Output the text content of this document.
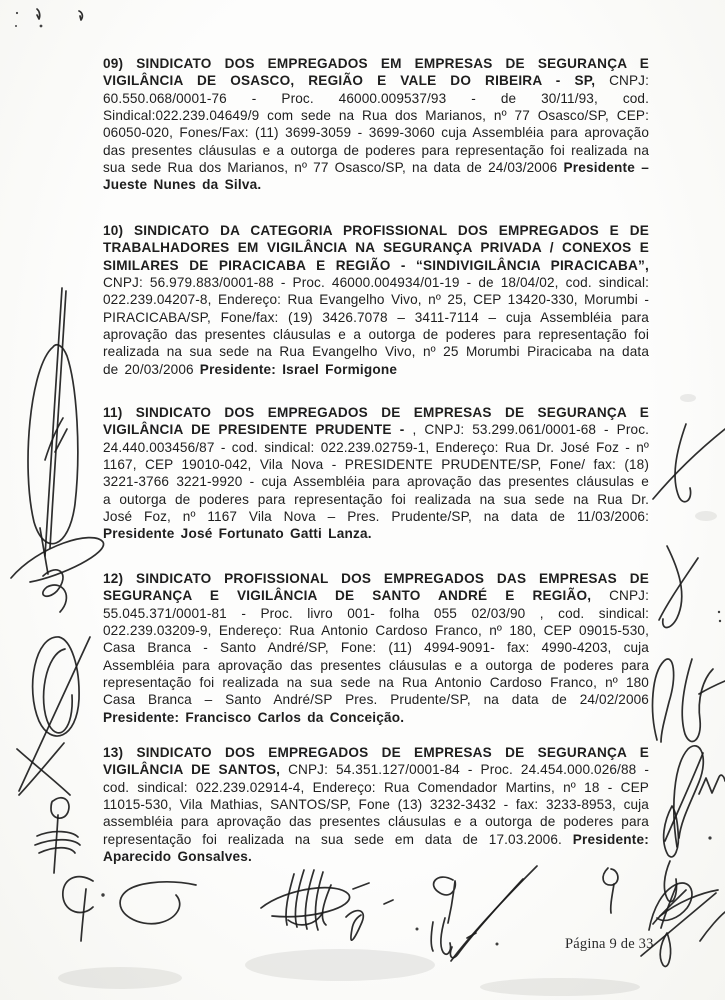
09) SINDICATO DOS EMPREGADOS EM EMPRESAS DE SEGURANÇA E VIGILÂNCIA DE OSASCO, REGIÃO E VALE DO RIBEIRA - SP, CNPJ: 60.550.068/0001-76 - Proc. 46000.009537/93 - de 30/11/93, cod. Sindical:022.239.04649/9 com sede na Rua dos Marianos, nº 77 Osasco/SP, CEP: 06050-020, Fones/Fax: (11) 3699-3059 - 3699-3060 cuja Assembléia para aprovação das presentes cláusulas e a outorga de poderes para representação foi realizada na sua sede Rua dos Marianos, nº 77 Osasco/SP, na data de 24/03/2006 Presidente – Jueste Nunes da Silva.

10) SINDICATO DA CATEGORIA PROFISSIONAL DOS EMPREGADOS E DE TRABALHADORES EM VIGILÂNCIA NA SEGURANÇA PRIVADA / CONEXOS E SIMILARES DE PIRACICABA E REGIÃO - “SINDIVIGILÂNCIA PIRACICABA”, CNPJ: 56.979.883/0001-88 - Proc. 46000.004934/01-19 - de 18/04/02, cod. sindical: 022.239.04207-8, Endereço: Rua Evangelho Vivo, nº 25, CEP 13420-330, Morumbi - PIRACICABA/SP, Fone/fax: (19) 3426.7078 – 3411-7114 – cuja Assembléia para aprovação das presentes cláusulas e a outorga de poderes para representação foi realizada na sua sede na Rua Evangelho Vivo, nº 25 Morumbi Piracicaba na data de 20/03/2006 Presidente: Israel Formigone

11) SINDICATO DOS EMPREGADOS DE EMPRESAS DE SEGURANÇA E VIGILÂNCIA DE PRESIDENTE PRUDENTE - , CNPJ: 53.299.061/0001-68 - Proc. 24.440.003456/87 - cod. sindical: 022.239.02759-1, Endereço: Rua Dr. José Foz - nº 1167, CEP 19010-042, Vila Nova - PRESIDENTE PRUDENTE/SP, Fone/ fax: (18) 3221-3766 3221-9920 - cuja Assembléia para aprovação das presentes cláusulas e a outorga de poderes para representação foi realizada na sua sede na Rua Dr. José Foz, nº 1167 Vila Nova – Pres. Prudente/SP, na data de 11/03/2006: Presidente José Fortunato Gatti Lanza.

12) SINDICATO PROFISSIONAL DOS EMPREGADOS DAS EMPRESAS DE SEGURANÇA E VIGILÂNCIA DE SANTO ANDRÉ E REGIÃO, CNPJ: 55.045.371/0001-81 - Proc. livro 001- folha 055 02/03/90 , cod. sindical: 022.239.03209-9, Endereço: Rua Antonio Cardoso Franco, nº 180, CEP 09015-530, Casa Branca - Santo André/SP, Fone: (11) 4994-9091- fax: 4990-4203, cuja Assembléia para aprovação das presentes cláusulas e a outorga de poderes para representação foi realizada na sua sede na Rua Antonio Cardoso Franco, nº 180 Casa Branca – Santo André/SP Pres. Prudente/SP, na data de 24/02/2006 Presidente: Francisco Carlos da Conceição.

13) SINDICATO DOS EMPREGADOS DE EMPRESAS DE SEGURANÇA E VIGILÂNCIA DE SANTOS, CNPJ: 54.351.127/0001-84 - Proc. 24.454.000.026/88 - cod. sindical: 022.239.02914-4, Endereço: Rua Comendador Martins, nº 18 - CEP 11015-530, Vila Mathias, SANTOS/SP, Fone (13) 3232-3432 - fax: 3233-8953, cuja assembléia para aprovação das presentes cláusulas e a outorga de poderes para representação foi realizada na sua sede em data de 17.03.2006. Presidente: Aparecido Gonsalves.

Página 9 de 33
